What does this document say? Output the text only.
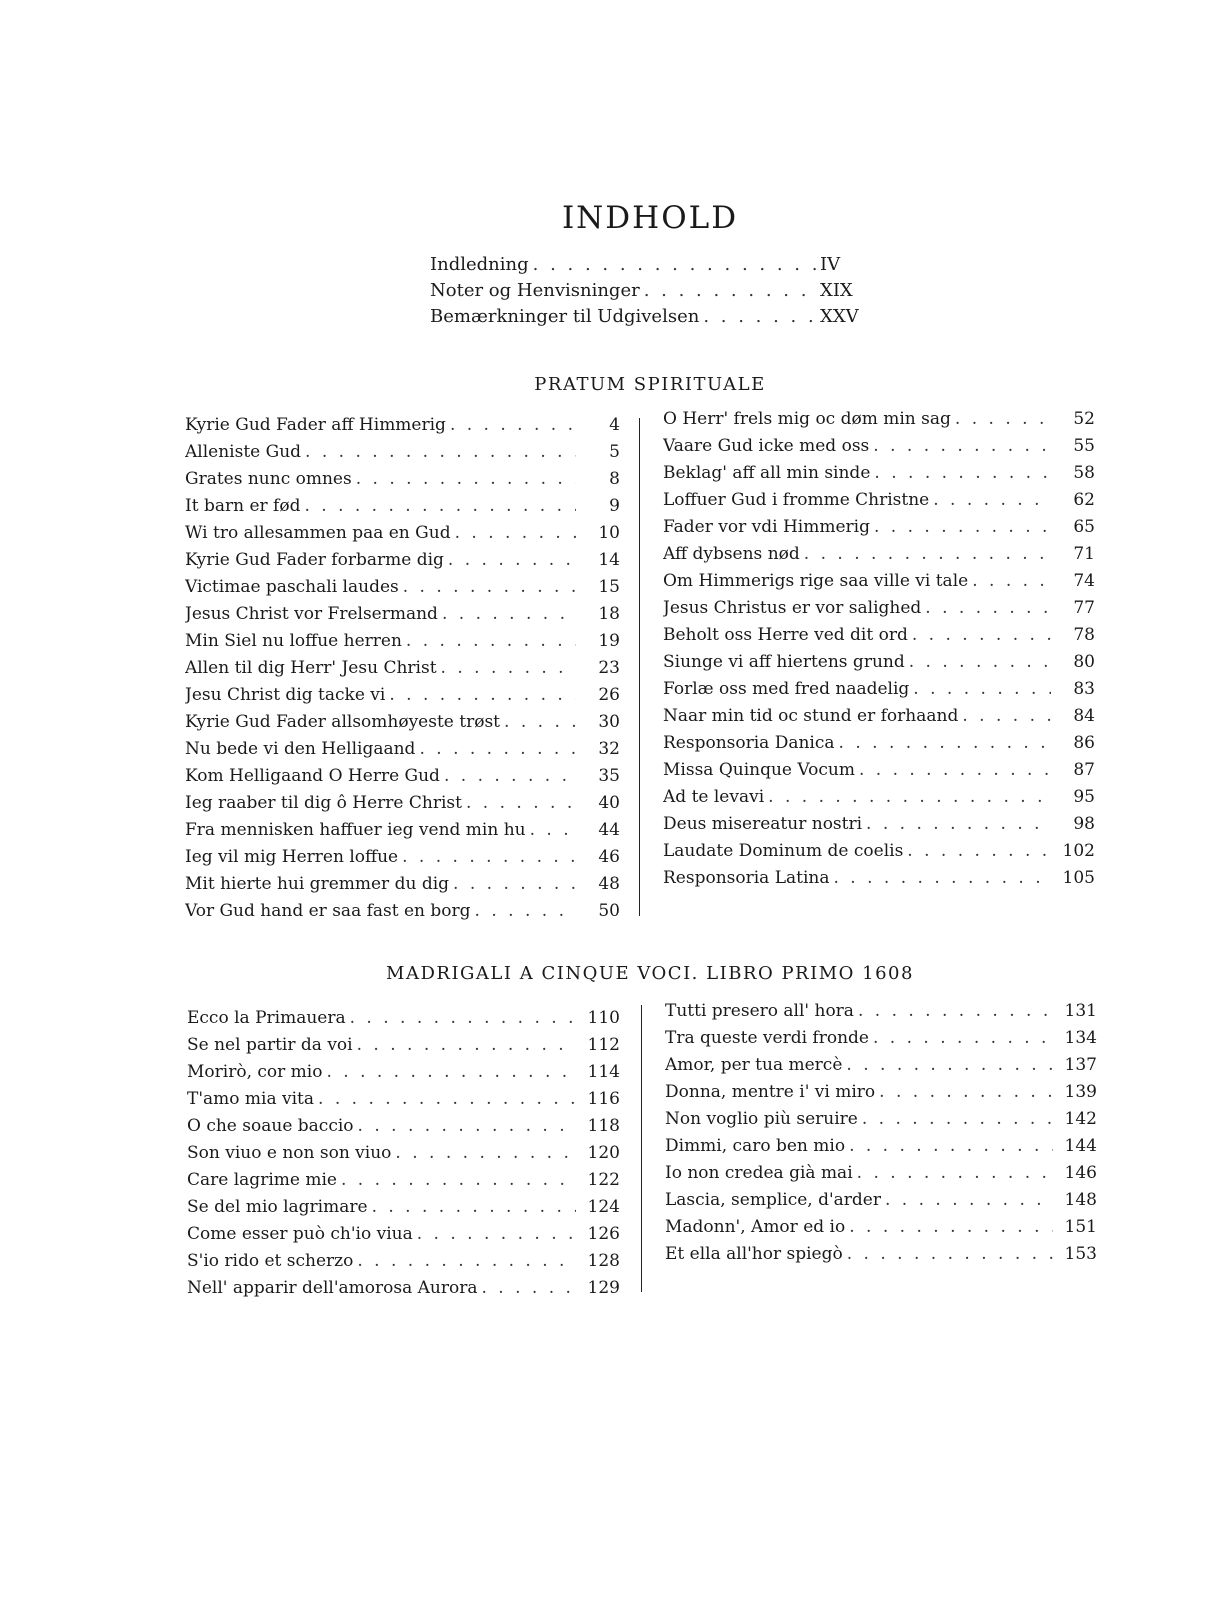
INDHOLD
Indledning . . .	IV
Noter og Henvisninger . . .	XIX
Bemærkninger til Udgivelsen . . .	XXV
PRATUM SPIRITUALE
Kyrie Gud Fader aff Himmerig . . .	4
Alleniste Gud . . .	5
Grates nunc omnes . . .	8
It barn er fød . . .	9
Wi tro allesammen paa en Gud . . .	10
Kyrie Gud Fader forbarme dig . . .	14
Victimae paschali laudes . . .	15
Jesus Christ vor Frelsermand . . .	18
Min Siel nu loffue herren . . .	19
Allen til dig Herr' Jesu Christ . . .	23
Jesu Christ dig tacke vi . . .	26
Kyrie Gud Fader allsomhøyeste trøst . . .	30
Nu bede vi den Helligaand . . .	32
Kom Helligaand O Herre Gud . . .	35
Ieg raaber til dig ô Herre Christ . . .	40
Fra mennisken haffuer ieg vend min hu . . .	44
Ieg vil mig Herren loffue . . .	46
Mit hierte hui gremmer du dig . . .	48
Vor Gud hand er saa fast en borg . . .	50
O Herr' frels mig oc døm min sag . . .	52
Vaare Gud icke med oss . . .	55
Beklag' aff all min sinde . . .	58
Loffuer Gud i fromme Christne . . .	62
Fader vor vdi Himmerig . . .	65
Aff dybsens nød . . .	71
Om Himmerigs rige saa ville vi tale . . .	74
Jesus Christus er vor salighed . . .	77
Beholt oss Herre ved dit ord . . .	78
Siunge vi aff hiertens grund . . .	80
Forlæ oss med fred naadelig . . .	83
Naar min tid oc stund er forhaand . . .	84
Responsoria Danica . . .	86
Missa Quinque Vocum . . .	87
Ad te levavi . . .	95
Deus misereatur nostri . . .	98
Laudate Dominum de coelis . . .	102
Responsoria Latina . . .	105
MADRIGALI A CINQUE VOCI. LIBRO PRIMO 1608
Ecco la Primauera . . .	110
Se nel partir da voi . . .	112
Morirò, cor mio . . .	114
T'amo mia vita . . .	116
O che soaue baccio . . .	118
Son viuo e non son viuo . . .	120
Care lagrime mie . . .	122
Se del mio lagrimare . . .	124
Come esser può ch'io viua . . .	126
S'io rido et scherzo . . .	128
Nell' apparir dell'amorosa Aurora . . .	129
Tutti presero all' hora . . .	131
Tra queste verdi fronde . . .	134
Amor, per tua mercè . . .	137
Donna, mentre i' vi miro . . .	139
Non voglio più seruire . . .	142
Dimmi, caro ben mio . . .	144
Io non credea già mai . . .	146
Lascia, semplice, d'arder . . .	148
Madonn', Amor ed io . . .	151
Et ella all'hor spiegò . . .	153
